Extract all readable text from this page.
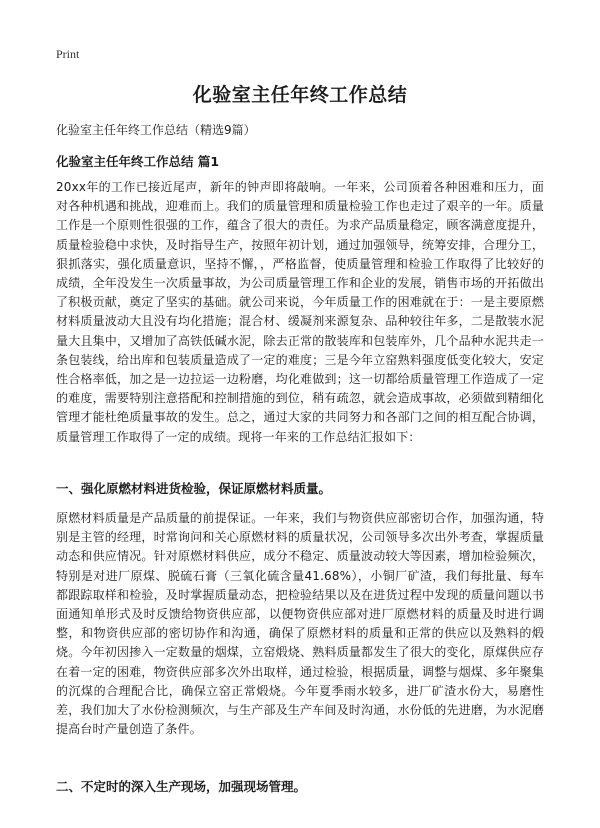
Print
化验室主任年终工作总结
化验室主任年终工作总结（精选9篇）
化验室主任年终工作总结 篇1
20xx年的工作已接近尾声，新年的钟声即将敲响。一年来，公司顶着各种困难和压力，面对各种机遇和挑战，迎难而上。我们的质量管理和质量检验工作也走过了艰辛的一年。质量工作是一个原则性很强的工作，蕴含了很大的责任。为求产品质量稳定，顾客满意度提升，质量检验稳中求快，及时指导生产，按照年初计划，通过加强领导，统筹安排，合理分工，狠抓落实，强化质量意识，坚持不懈，，严格监督，使质量管理和检验工作取得了比较好的成绩，全年没发生一次质量事故，为公司质量管理工作和企业的发展，销售市场的开拓做出了积极贡献，奠定了坚实的基础。就公司来说，今年质量工作的困难就在于：一是主要原燃材料质量波动大且没有均化措施；混合材、缓凝剂来源复杂、品种较往年多，二是散装水泥量大且集中，又增加了高铁低碱水泥，除去正常的散装库和包装库外，几个品种水泥共走一条包装线，给出库和包装质量造成了一定的难度；三是今年立窑熟料强度低变化较大，安定性合格率低，加之是一边拉运一边粉磨，均化难做到；这一切都给质量管理工作造成了一定的难度，需要特别注意搭配和控制措施的到位，稍有疏忽，就会造成事故，必须做到精细化管理才能杜绝质量事故的发生。总之，通过大家的共同努力和各部门之间的相互配合协调，质量管理工作取得了一定的成绩。现将一年来的工作总结汇报如下：
一、强化原燃材料进货检验，保证原燃材料质量。
原燃材料质量是产品质量的前提保证。一年来，我们与物资供应部密切合作，加强沟通，特别是主管的经理，时常询问和关心原燃材料的质量状况，公司领导多次出外考查，掌握质量动态和供应情况。针对原燃材料供应，成分不稳定、质量波动较大等因素，增加检验频次，特别是对进厂原煤、脱硫石膏（三氧化硫含量41.68%），小铜厂矿渣，我们每批量、每车都跟踪取样和检验，及时掌握质量动态，把检验结果以及在进货过程中发现的质量问题以书面通知单形式及时反馈给物资供应部，以便物资供应部对进厂原燃材料的质量及时进行调整，和物资供应部的密切协作和沟通，确保了原燃材料的质量和正常的供应以及熟料的煅烧。今年初因掺入一定数量的烟煤，立窑煅烧、熟料质量都发生了很大的变化，原煤供应存在着一定的困难，物资供应部多次外出取样，通过检验，根据质量，调整与烟煤、多年聚集的沉煤的合理配合比，确保立窑正常煅烧。今年夏季雨水较多，进厂矿渣水份大，易磨性差，我们加大了水份检测频次，与生产部及生产车间及时沟通，水份低的先进磨，为水泥磨提高台时产量创造了条件。
二、不定时的深入生产现场，加强现场管理。
